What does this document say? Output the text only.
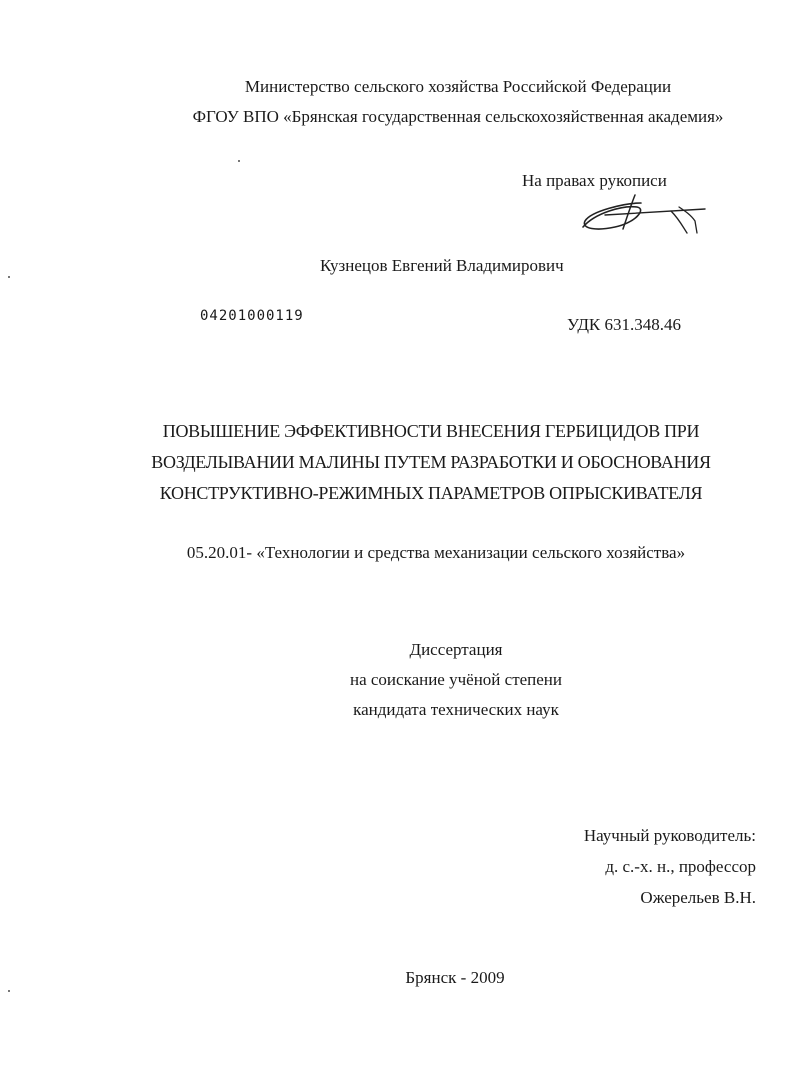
Министерство сельского хозяйства Российской Федерации
ФГОУ ВПО «Брянская государственная сельскохозяйственная академия»
На правах рукописи
Кузнецов Евгений Владимирович
04201000119	УДК 631.348.46
ПОВЫШЕНИЕ ЭФФЕКТИВНОСТИ ВНЕСЕНИЯ ГЕРБИЦИДОВ ПРИ
ВОЗДЕЛЫВАНИИ МАЛИНЫ ПУТЕМ РАЗРАБОТКИ И ОБОСНОВАНИЯ
КОНСТРУКТИВНО-РЕЖИМНЫХ ПАРАМЕТРОВ ОПРЫСКИВАТЕЛЯ
05.20.01- «Технологии и средства механизации сельского хозяйства»
Диссертация
на соискание учёной степени
кандидата технических наук
Научный руководитель:
д. с.-х. н., профессор
Ожерельев В.Н.
Брянск - 2009
